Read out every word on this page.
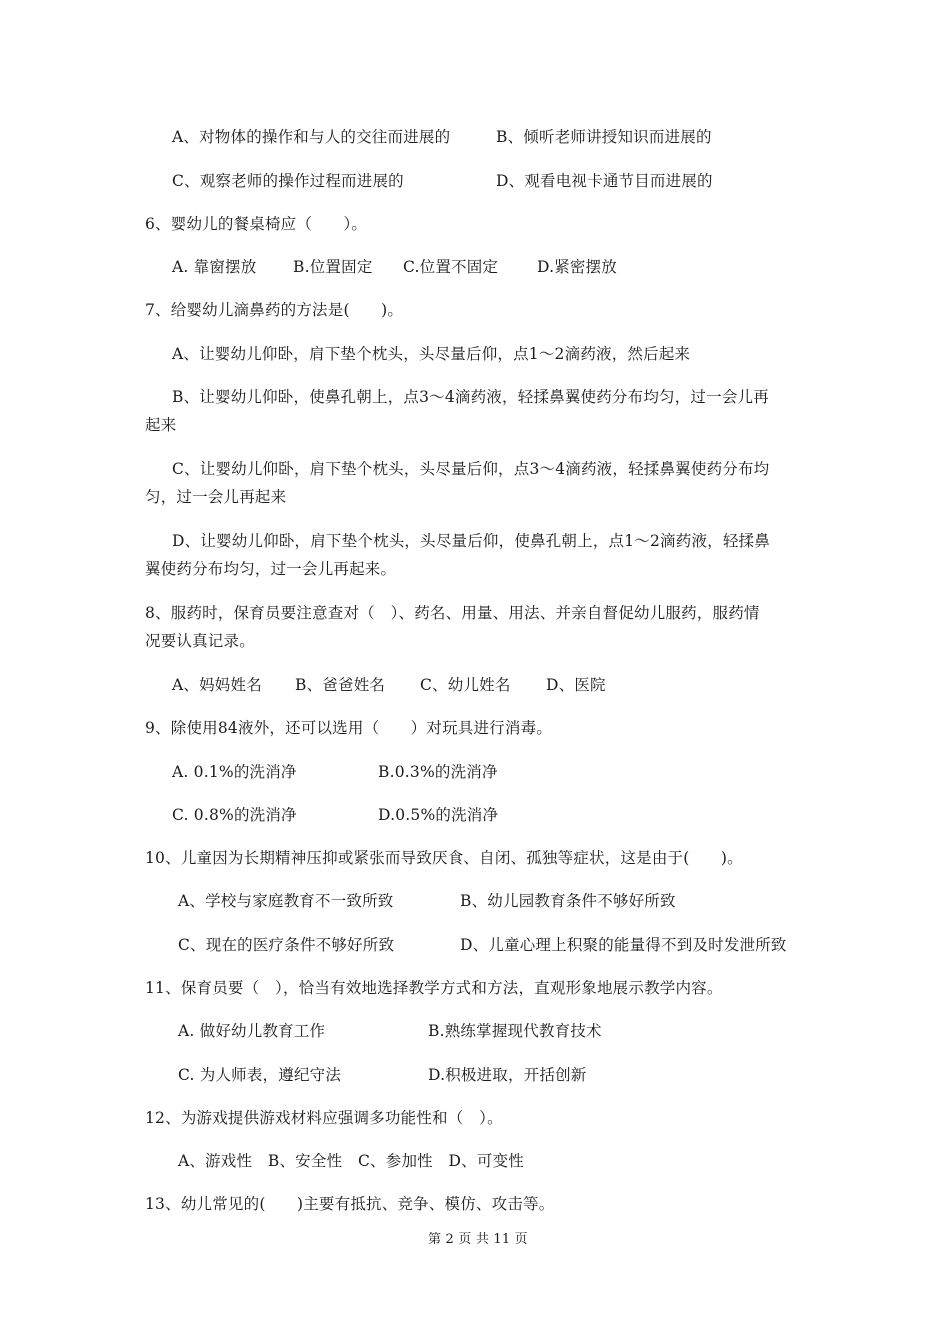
A、对物体的操作和与人的交往而进展的	B、倾听老师讲授知识而进展的
C、观察老师的操作过程而进展的	D、观看电视卡通节目而进展的
6、婴幼儿的餐桌椅应（　　）。
A. 靠窗摆放 B.位置固定 C.位置不固定	D.紧密摆放
7、给婴幼儿滴鼻药的方法是(　　)。
A、让婴幼儿仰卧，肩下垫个枕头，头尽量后仰，点1～2滴药液，然后起来
B、让婴幼儿仰卧，使鼻孔朝上，点3～4滴药液，轻揉鼻翼使药分布均匀，过一会儿再
起来
C、让婴幼儿仰卧，肩下垫个枕头，头尽量后仰，点3～4滴药液，轻揉鼻翼使药分布均
匀，过一会儿再起来
D、让婴幼儿仰卧，肩下垫个枕头，头尽量后仰，使鼻孔朝上，点1～2滴药液，轻揉鼻
翼使药分布均匀，过一会儿再起来。
8、服药时，保育员要注意查对（　）、药名、用量、用法、并亲自督促幼儿服药，服药情
况要认真记录。
A、妈妈姓名 B、爸爸姓名 C、幼儿姓名 D、医院
9、除使用84液外，还可以选用（　　）对玩具进行消毒。
A. 0.1%的洗消净	B.0.3%的洗消净
C. 0.8%的洗消净	D.0.5%的洗消净
10、儿童因为长期精神压抑或紧张而导致厌食、自闭、孤独等症状，这是由于(　　)。
A、学校与家庭教育不一致所致	B、幼儿园教育条件不够好所致
C、现在的医疗条件不够好所致	D、儿童心理上积聚的能量得不到及时发泄所致
11、保育员要（　），恰当有效地选择教学方式和方法，直观形象地展示教学内容。
A. 做好幼儿教育工作	B.熟练掌握现代教育技术
C. 为人师表，遵纪守法	D.积极进取，开括创新
12、为游戏提供游戏材料应强调多功能性和（　）。
A、游戏性　B、安全性　C、参加性　D、可变性
13、幼儿常见的(　　)主要有抵抗、竞争、模仿、攻击等。
第 2 页 共 11 页
